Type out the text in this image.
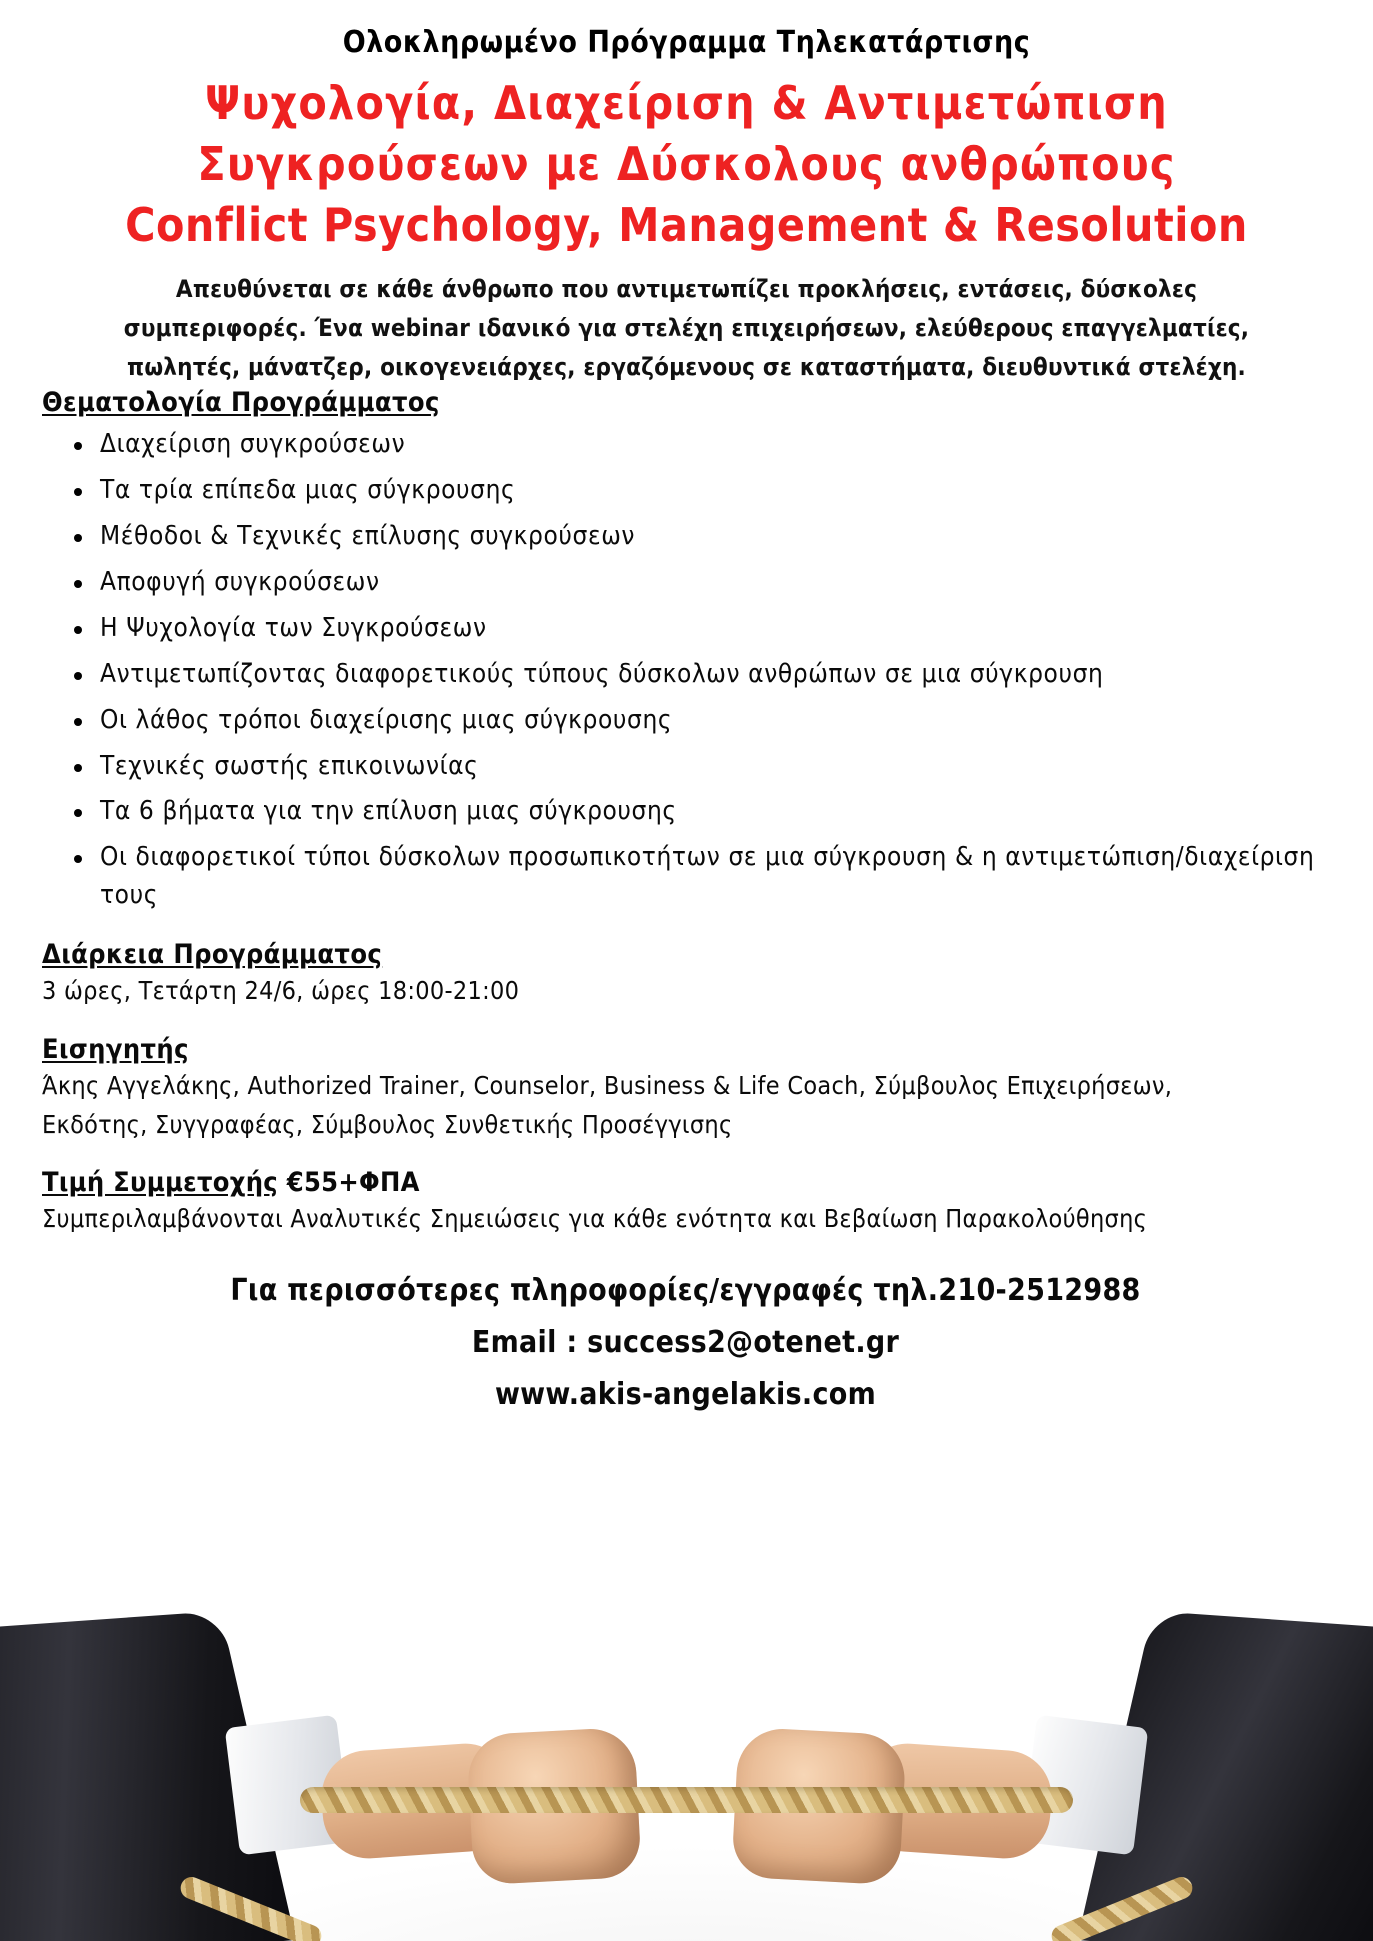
Ολοκληρωμένο Πρόγραμμα Τηλεκατάρτισης
Ψυχολογία, Διαχείριση & Αντιμετώπιση
Συγκρούσεων με Δύσκολους ανθρώπους
Conflict Psychology, Management & Resolution
Απευθύνεται σε κάθε άνθρωπο που αντιμετωπίζει προκλήσεις, εντάσεις, δύσκολες
συμπεριφορές. Ένα webinar ιδανικό για στελέχη επιχειρήσεων, ελεύθερους επαγγελματίες,
πωλητές, μάνατζερ, οικογενειάρχες, εργαζόμενους σε καταστήματα, διευθυντικά στελέχη.
Θεματολογία Προγράμματος
Διαχείριση συγκρούσεων
Τα τρία επίπεδα μιας σύγκρουσης
Μέθοδοι & Τεχνικές επίλυσης συγκρούσεων
Αποφυγή συγκρούσεων
Η Ψυχολογία των Συγκρούσεων
Αντιμετωπίζοντας διαφορετικούς τύπους δύσκολων ανθρώπων σε μια σύγκρουση
Οι λάθος τρόποι διαχείρισης μιας σύγκρουσης
Τεχνικές σωστής επικοινωνίας
Τα 6 βήματα για την επίλυση μιας σύγκρουσης
Οι διαφορετικοί τύποι δύσκολων προσωπικοτήτων σε μια σύγκρουση & η αντιμετώπιση/διαχείριση τους
Διάρκεια Προγράμματος
3 ώρες, Τετάρτη 24/6, ώρες 18:00-21:00
Εισηγητής
Άκης Αγγελάκης, Authorized Trainer, Counselor, Business & Life Coach, Σύμβουλος Επιχειρήσεων,
Εκδότης, Συγγραφέας, Σύμβουλος Συνθετικής Προσέγγισης
Τιμή Συμμετοχής €55+ΦΠΑ
Συμπεριλαμβάνονται Αναλυτικές Σημειώσεις για κάθε ενότητα και Βεβαίωση Παρακολούθησης
Για περισσότερες πληροφορίες/εγγραφές τηλ.210-2512988
Email : success2@otenet.gr
www.akis-angelakis.com
